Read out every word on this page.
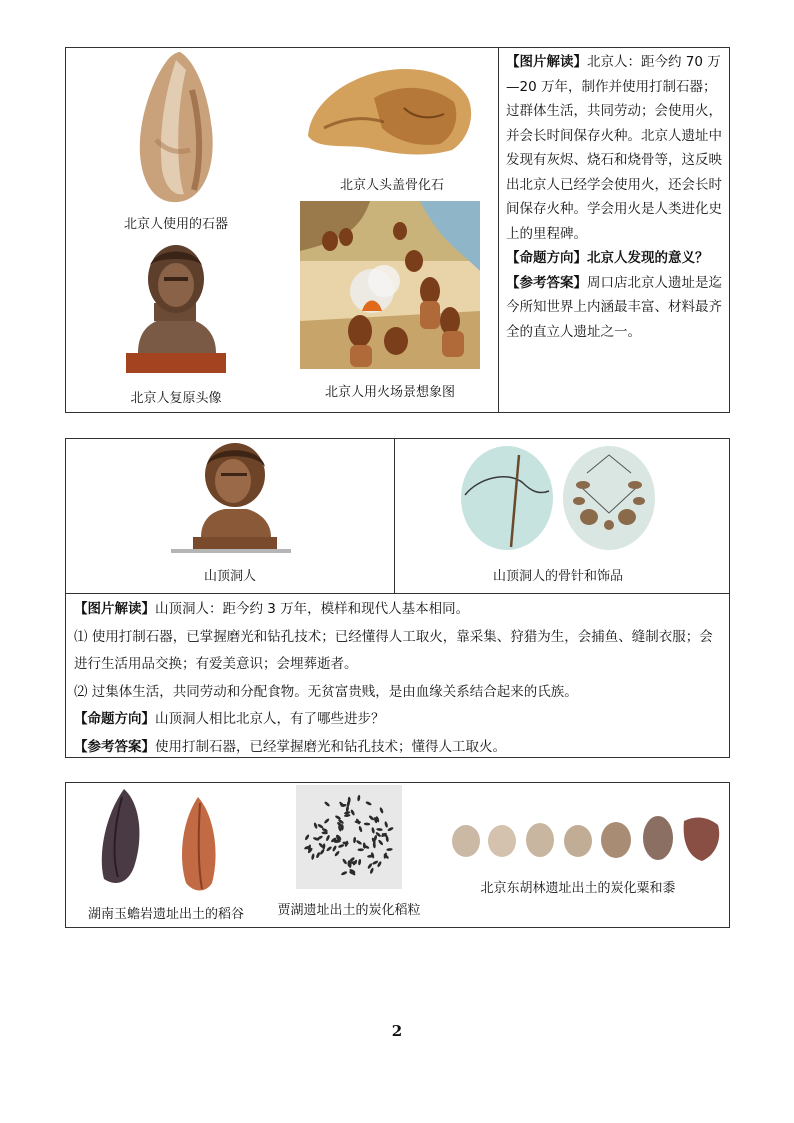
北京人使用的石器
北京人头盖骨化石
北京人复原头像	北京人用火场景想象图
【图片解读】北京人：距今约 70 万—20 万年，制作并使用打制石器；过群体生活，共同劳动；会使用火，并会长时间保存火种。北京人遗址中发现有灰烬、烧石和烧骨等，这反映出北京人已经学会使用火，还会长时间保存火种。学会用火是人类进化史上的里程碑。
【命题方向】北京人发现的意义？
【参考答案】周口店北京人遗址是迄今所知世界上内涵最丰富、材料最齐全的直立人遗址之一。
山顶洞人	山顶洞人的骨针和饰品
【图片解读】山顶洞人：距今约 3 万年，模样和现代人基本相同。
⑴ 使用打制石器，已掌握磨光和钻孔技术；已经懂得人工取火，靠采集、狩猎为生，会捕鱼、缝制衣服；会进行生活用品交换；有爱美意识；会埋葬逝者。
⑵ 过集体生活，共同劳动和分配食物。无贫富贵贱，是由血缘关系结合起来的氏族。
【命题方向】山顶洞人相比北京人，有了哪些进步？
【参考答案】使用打制石器，已经掌握磨光和钻孔技术；懂得人工取火。
湖南玉蟾岩遗址出土的稻谷	贾湖遗址出土的炭化稻粒
北京东胡林遗址出土的炭化粟和黍
2
